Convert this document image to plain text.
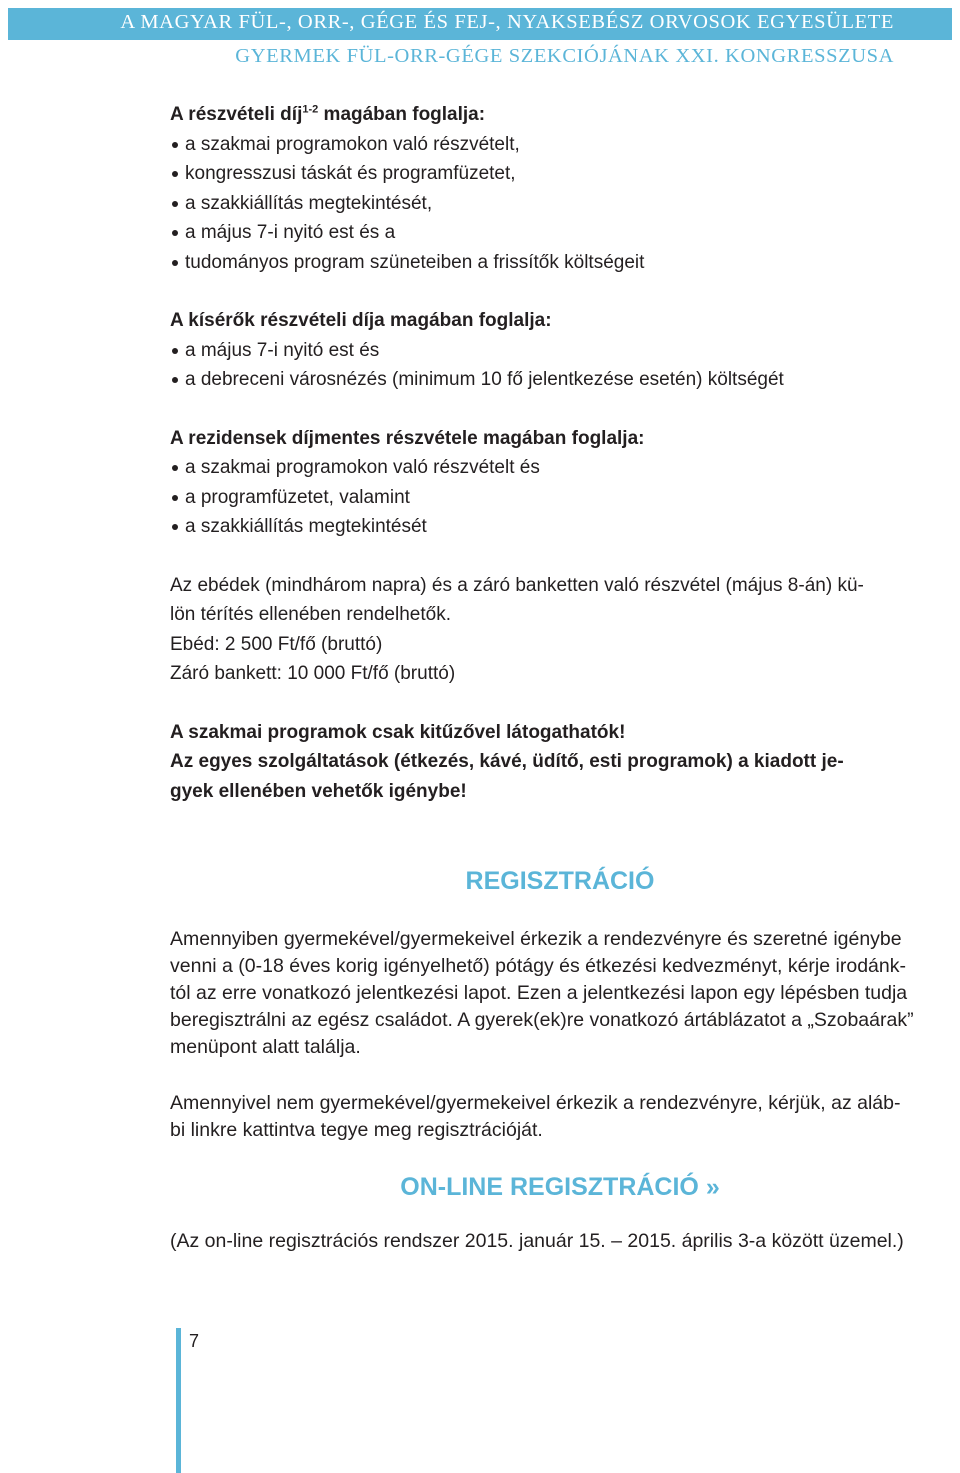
A MAGYAR FÜL-, ORR-, GÉGE ÉS FEJ-, NYAKSEBÉSZ ORVOSOK EGYESÜLETE
GYERMEK FÜL-ORR-GÉGE SZEKCIÓJÁNAK XXI. KONGRESSZUSA

A részvételi díj$^{1-2}$ magában foglalja:

a szakmai programokon való részvételt,
kongresszusi táskát és programfüzetet,
a szakkiállítás megtekintését,
a május 7-i nyitó est és a
tudományos program szüneteiben a frissítők költségeit

A kísérők részvételi díja magában foglalja:

a május 7-i nyitó est és
a debreceni városnézés (minimum 10 fő jelentkezése esetén) költségét

A rezidensek díjmentes részvétele magában foglalja:

a szakmai programokon való részvételt és
a programfüzetet, valamint
a szakkiállítás megtekintését

Az ebédek (mindhárom napra) és a záró banketten való részvétel (május 8-án) kü-

lön térítés ellenében rendelhetők.

Ebéd: 2 500 Ft/fő (bruttó)

Záró bankett: 10 000 Ft/fő (bruttó)

A szakmai programok csak kitűzővel látogathatók!

Az egyes szolgáltatások (étkezés, kávé, üdítő, esti programok) a kiadott je-

gyek ellenében vehetők igénybe!

REGISZTRÁCIÓ

Amennyiben gyermekével/gyermekeivel érkezik a rendezvényre és szeretné igénybe

venni a (0-18 éves korig igényelhető) pótágy és étkezési kedvezményt, kérje irodánk-

tól az erre vonatkozó jelentkezési lapot. Ezen a jelentkezési lapon egy lépésben tudja

beregisztrálni az egész családot. A gyerek(ek)re vonatkozó ártáblázatot a „Szobaárak”

menüpont alatt találja.

Amennyivel nem gyermekével/gyermekeivel érkezik a rendezvényre, kérjük, az aláb-

bi linkre kattintva tegye meg regisztrációját.

ON-LINE REGISZTRÁCIÓ »

(Az on-line regisztrációs rendszer 2015. január 15. – 2015. április 3-a között üzemel.)

7
